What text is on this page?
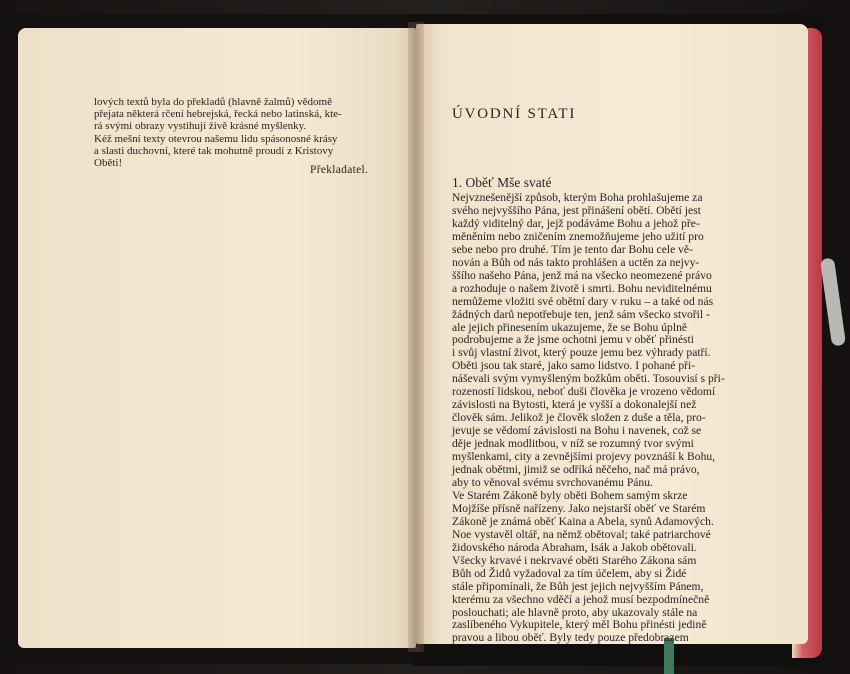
lových textů byla do překladů (hlavně žalmů) vědomě
přejata některá rčení hebrejská, řecká nebo latinská, kte-
rá svými obrazy vystihují živě krásné myšlenky.
Kéž mešní texty otevrou našemu lidu spásonosné krásy
a slasti duchovní, které tak mohutně proudí z Kristovy
Oběti!
Překladatel.
ÚVODNÍ STATI
1. Oběť Mše svaté
Nejvznešenější způsob, kterým Boha prohlašujeme za
svého nejvyššího Pána, jest přinášení obětí. Obětí jest
každý viditelný dar, jejž podáváme Bohu a jehož pře-
měněním nebo zničením znemožňujeme jeho užití pro
sebe nebo pro druhé. Tím je tento dar Bohu cele vě-
nován a Bůh od nás takto prohlášen a uctěn za nejvy-
ššího našeho Pána, jenž má na všecko neomezené právo
a rozhoduje o našem životě i smrti. Bohu neviditelnému
nemůžeme vložiti své obětní dary v ruku – a také od nás
žádných darů nepotřebuje ten, jenž sám všecko stvořil -
ale jejich přinesením ukazujeme, že se Bohu úplně
podrobujeme a že jsme ochotni jemu v oběť přinésti
i svůj vlastní život, který pouze jemu bez výhrady patří.
Oběti jsou tak staré, jako samo lidstvo. I pohané při-
náševali svým vymyšleným božkům oběti. Tosouvisí s při-
rozeností lidskou, neboť duši člověka je vrozeno vědomí
závislosti na Bytosti, která je vyšší a dokonalejší než
člověk sám. Jelikož je člověk složen z duše a těla, pro-
jevuje se vědomí závislosti na Bohu i navenek, což se
děje jednak modlitbou, v níž se rozumný tvor svými
myšlenkami, city a zevnějšími projevy povznáší k Bohu,
jednak obětmi, jimiž se odříká něčeho, nač má právo,
aby to věnoval svému svrchovanému Pánu.
Ve Starém Zákoně byly oběti Bohem samým skrze
Mojžíše přísně nařízeny. Jako nejstarší oběť ve Starém
Zákoně je známá oběť Kaina a Abela, synů Adamových.
Noe vystavěl oltář, na němž obětoval; také patriarchové
židovského národa Abraham, Isák a Jakob obětovali.
Všecky krvavé i nekrvavé oběti Starého Zákona sám
Bůh od Židů vyžadoval za tím účelem, aby si Židé
stále připomínali, že Bůh jest jejich nejvyšším Pánem,
kterému za všechno vděčí a jehož musí bezpodmínečně
poslouchati; ale hlavně proto, aby ukazovaly stále na
zaslíbeného Vykupitele, který měl Bohu přinésti jedině
pravou a libou oběť. Byly tedy pouze předobrazem
